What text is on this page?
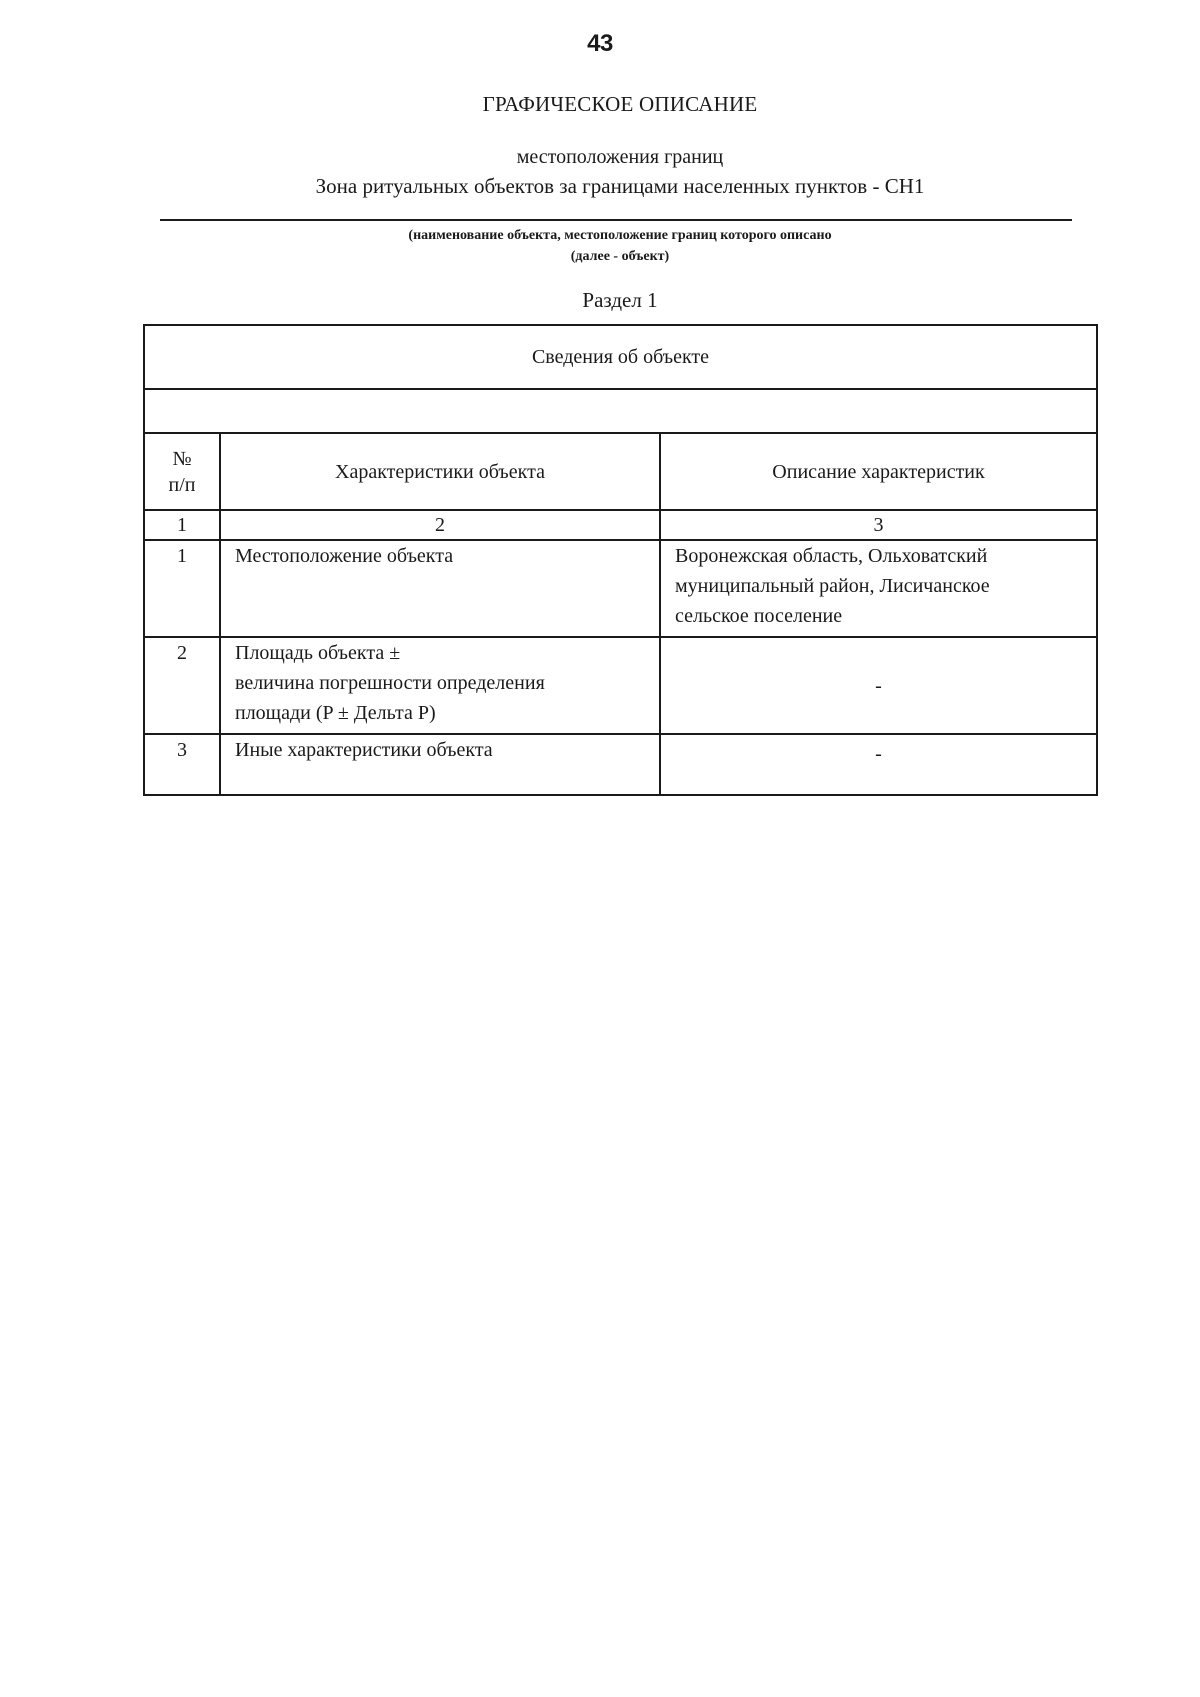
43
ГРАФИЧЕСКОЕ ОПИСАНИЕ
местоположения границ
Зона ритуальных объектов за границами населенных пунктов - СН1
(наименование объекта, местоположение границ которого описано
(далее - объект)
Раздел 1
Сведения об объекте		

№
п/п	Характеристики объекта	Описание характеристик
1	2	3
1	Местоположение объекта	Воронежская область, Ольховатский
муниципальный район, Лисичанское
сельское поселение

2	Площадь объекта ±
величина погрешности определения
площади (P ± Дельта P)	-
3	Иные характеристики объекта	-
